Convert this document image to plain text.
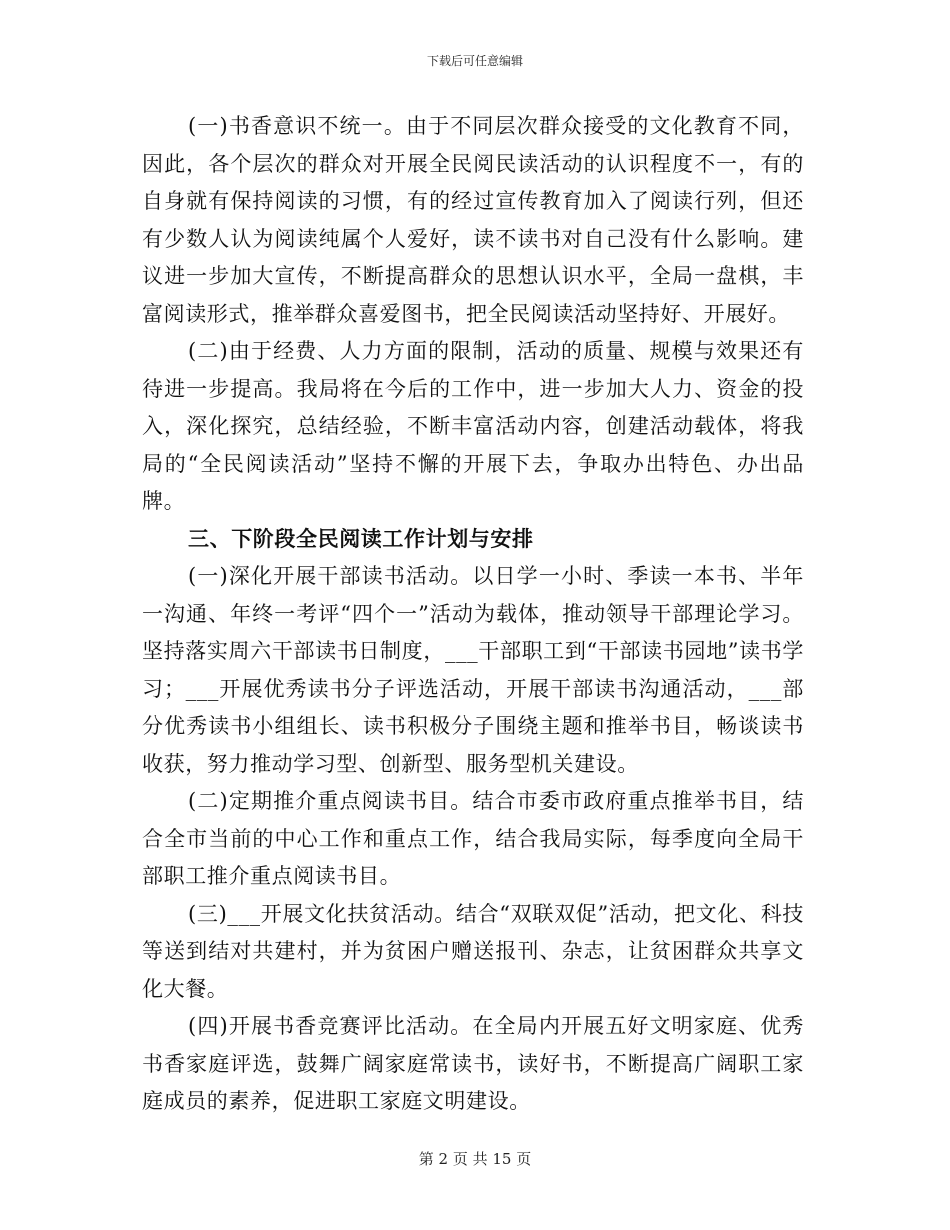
下载后可任意编辑

(一)书香意识不统一。由于不同层次群众接受的文化教育不同，因此，各个层次的群众对开展全民阅民读活动的认识程度不一，有的自身就有保持阅读的习惯，有的经过宣传教育加入了阅读行列，但还有少数人认为阅读纯属个人爱好，读不读书对自己没有什么影响。建议进一步加大宣传，不断提高群众的思想认识水平，全局一盘棋，丰富阅读形式，推举群众喜爱图书，把全民阅读活动坚持好、开展好。

(二)由于经费、人力方面的限制，活动的质量、规模与效果还有待进一步提高。我局将在今后的工作中，进一步加大人力、资金的投入，深化探究，总结经验，不断丰富活动内容，创建活动载体，将我局的“全民阅读活动”坚持不懈的开展下去，争取办出特色、办出品牌。

三、下阶段全民阅读工作计划与安排

(一)深化开展干部读书活动。以日学一小时、季读一本书、半年一沟通、年终一考评“四个一”活动为载体，推动领导干部理论学习。坚持落实周六干部读书日制度，___干部职工到“干部读书园地”读书学习；___开展优秀读书分子评选活动，开展干部读书沟通活动，___部分优秀读书小组组长、读书积极分子围绕主题和推举书目，畅谈读书收获，努力推动学习型、创新型、服务型机关建设。

(二)定期推介重点阅读书目。结合市委市政府重点推举书目，结合全市当前的中心工作和重点工作，结合我局实际，每季度向全局干部职工推介重点阅读书目。

(三)___开展文化扶贫活动。结合“双联双促”活动，把文化、科技等送到结对共建村，并为贫困户赠送报刊、杂志，让贫困群众共享文化大餐。

(四)开展书香竞赛评比活动。在全局内开展五好文明家庭、优秀书香家庭评选，鼓舞广阔家庭常读书，读好书，不断提高广阔职工家庭成员的素养，促进职工家庭文明建设。

第 2 页 共 15 页
